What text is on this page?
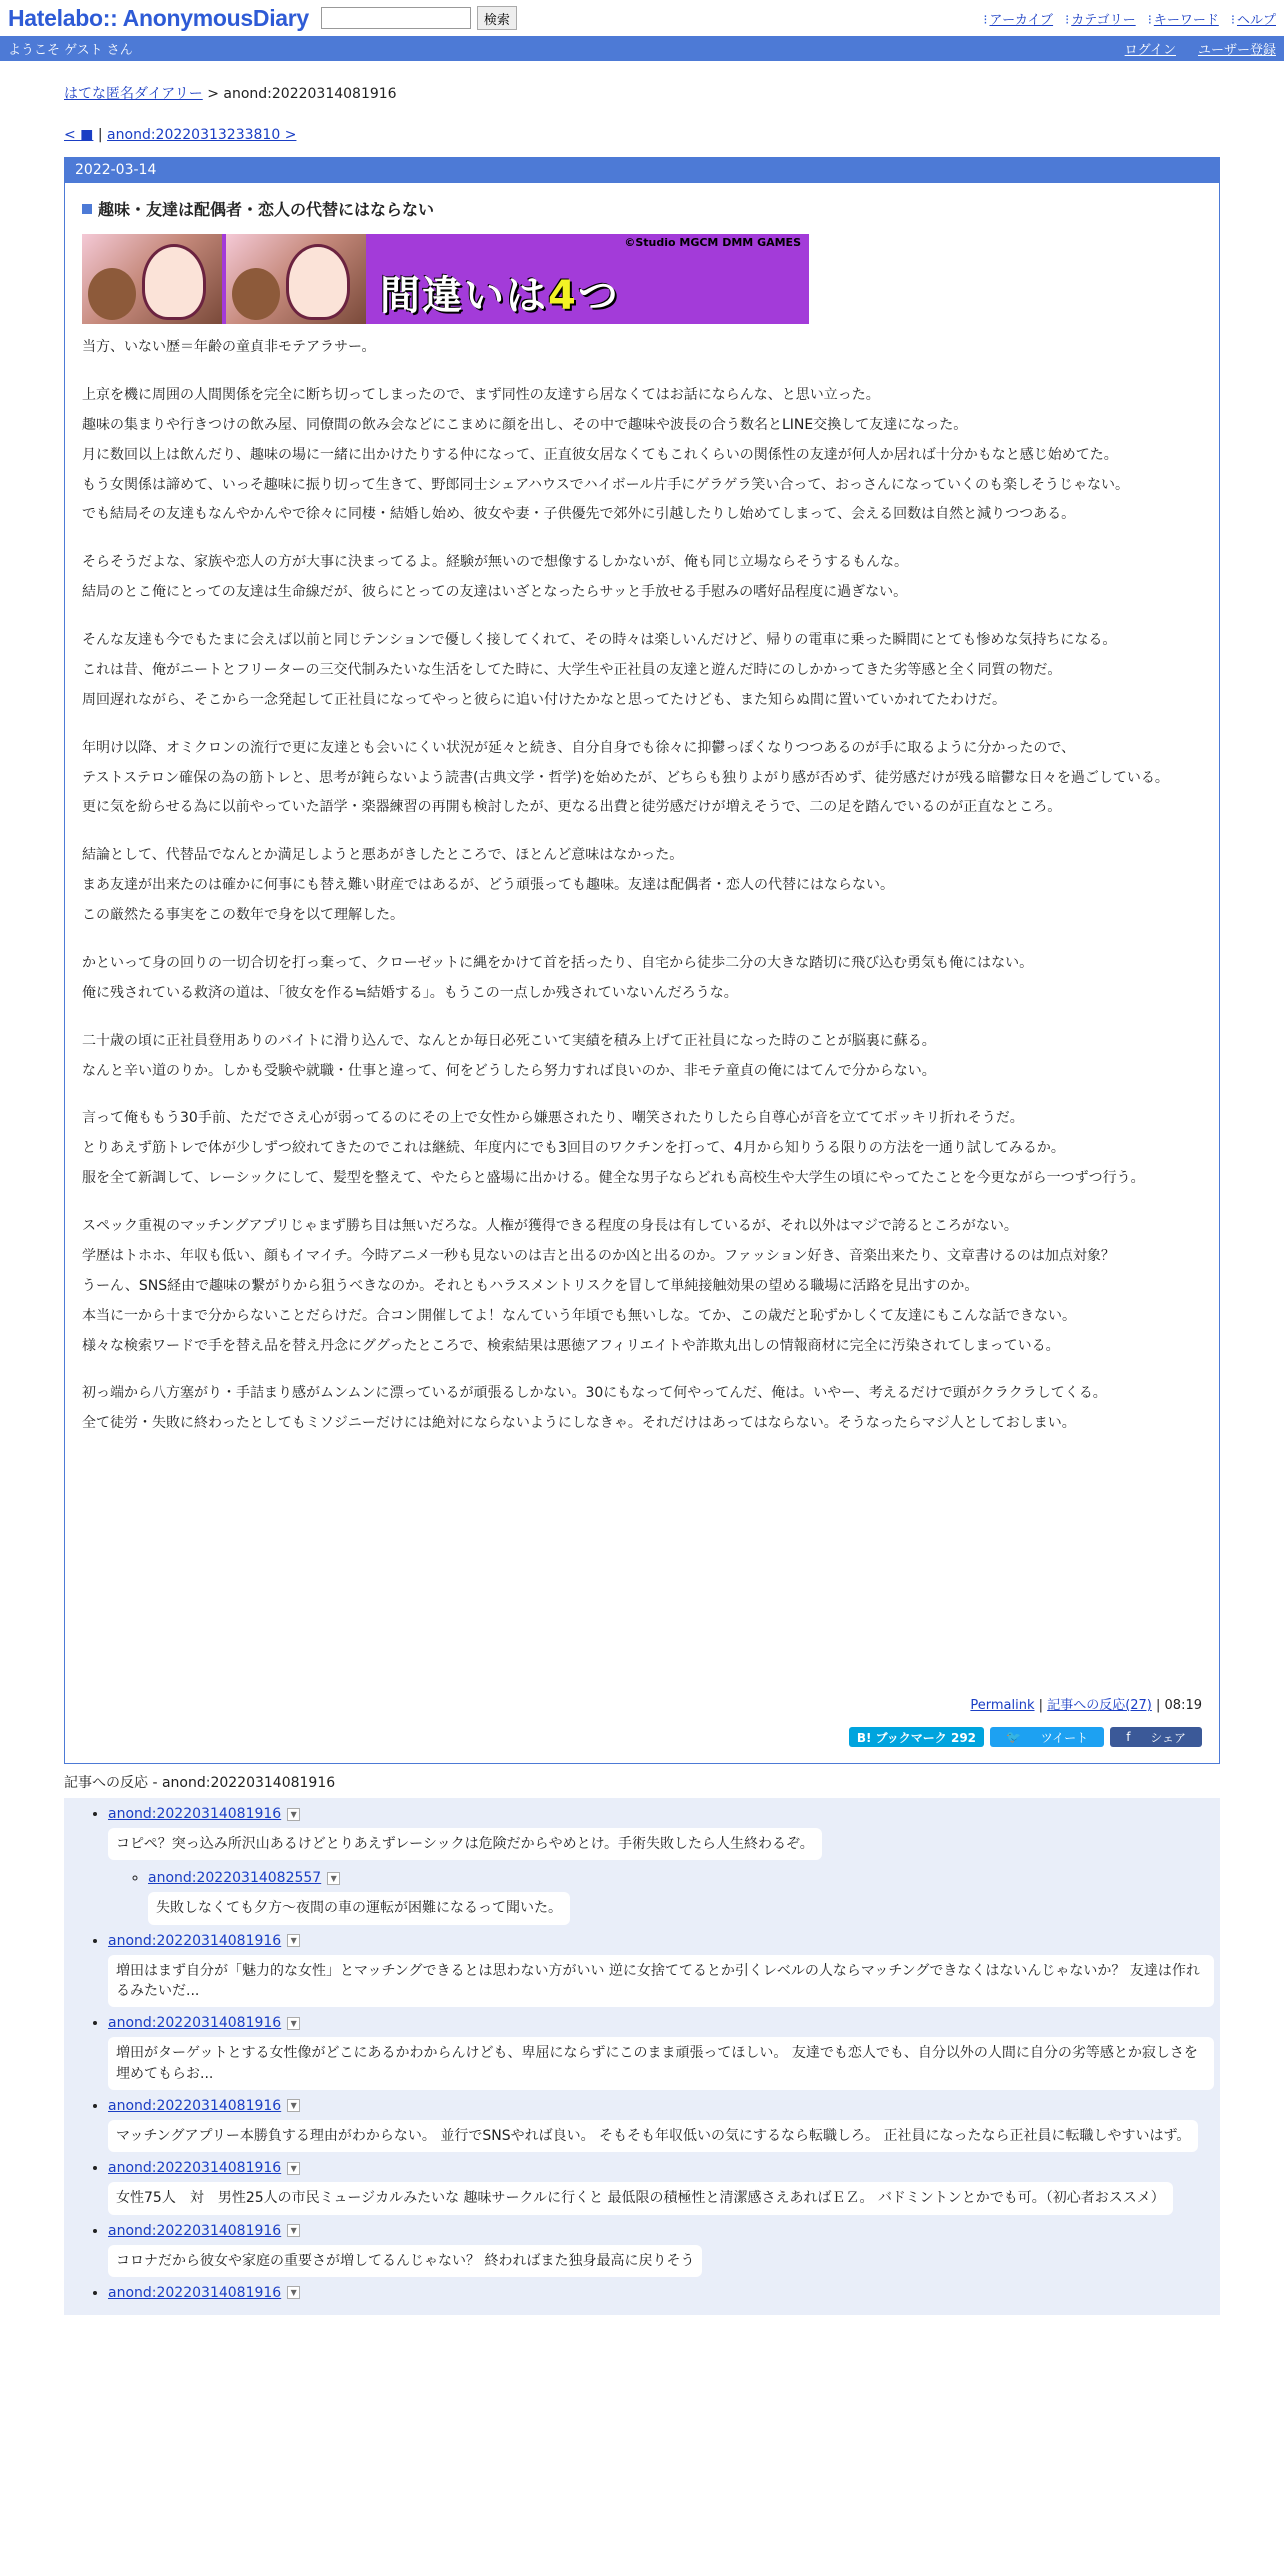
Hatelabo:: AnonymousDiary	検索	⁝ アーカイブ	⁝ カテゴリー	⁝ キーワード	⁝ ヘルプ
ようこそ ゲスト さん	ログイン ユーザー登録
はてな匿名ダイアリー > anond:20220314081916
< ■ | anond:20220313233810 >
2022-03-14
趣味・友達は配偶者・恋人の代替にはならない
©Studio MGCM DMM GAMES
間違いは4つ

当方、いない歴＝年齢の童貞非モテアラサー。

上京を機に周囲の人間関係を完全に断ち切ってしまったので、まず同性の友達すら居なくてはお話にならんな、と思い立った。

趣味の集まりや行きつけの飲み屋、同僚間の飲み会などにこまめに顔を出し、その中で趣味や波長の合う数名とLINE交換して友達になった。

月に数回以上は飲んだり、趣味の場に一緒に出かけたりする仲になって、正直彼女居なくてもこれくらいの関係性の友達が何人か居れば十分かもなと感じ始めてた。

もう女関係は諦めて、いっそ趣味に振り切って生きて、野郎同士シェアハウスでハイボール片手にゲラゲラ笑い合って、おっさんになっていくのも楽しそうじゃない。

でも結局その友達もなんやかんやで徐々に同棲・結婚し始め、彼女や妻・子供優先で郊外に引越したりし始めてしまって、会える回数は自然と減りつつある。

そらそうだよな、家族や恋人の方が大事に決まってるよ。経験が無いので想像するしかないが、俺も同じ立場ならそうするもんな。

結局のとこ俺にとっての友達は生命線だが、彼らにとっての友達はいざとなったらサッと手放せる手慰みの嗜好品程度に過ぎない。

そんな友達も今でもたまに会えば以前と同じテンションで優しく接してくれて、その時々は楽しいんだけど、帰りの電車に乗った瞬間にとても惨めな気持ちになる。

これは昔、俺がニートとフリーターの三交代制みたいな生活をしてた時に、大学生や正社員の友達と遊んだ時にのしかかってきた劣等感と全く同質の物だ。

周回遅れながら、そこから一念発起して正社員になってやっと彼らに追い付けたかなと思ってたけども、また知らぬ間に置いていかれてたわけだ。

年明け以降、オミクロンの流行で更に友達とも会いにくい状況が延々と続き、自分自身でも徐々に抑鬱っぽくなりつつあるのが手に取るように分かったので、

テストステロン確保の為の筋トレと、思考が鈍らないよう読書(古典文学・哲学)を始めたが、どちらも独りよがり感が否めず、徒労感だけが残る暗鬱な日々を過ごしている。

更に気を紛らせる為に以前やっていた語学・楽器練習の再開も検討したが、更なる出費と徒労感だけが増えそうで、二の足を踏んでいるのが正直なところ。

結論として、代替品でなんとか満足しようと悪あがきしたところで、ほとんど意味はなかった。

まあ友達が出来たのは確かに何事にも替え難い財産ではあるが、どう頑張っても趣味。友達は配偶者・恋人の代替にはならない。

この厳然たる事実をこの数年で身を以て理解した。

かといって身の回りの一切合切を打っ棄って、クローゼットに縄をかけて首を括ったり、自宅から徒歩二分の大きな踏切に飛び込む勇気も俺にはない。

俺に残されている救済の道は、「彼女を作る≒結婚する」。もうこの一点しか残されていないんだろうな。

二十歳の頃に正社員登用ありのバイトに滑り込んで、なんとか毎日必死こいて実績を積み上げて正社員になった時のことが脳裏に蘇る。

なんと辛い道のりか。しかも受験や就職・仕事と違って、何をどうしたら努力すれば良いのか、非モテ童貞の俺にはてんで分からない。

言って俺ももう30手前、ただでさえ心が弱ってるのにその上で女性から嫌悪されたり、嘲笑されたりしたら自尊心が音を立ててボッキリ折れそうだ。

とりあえず筋トレで体が少しずつ絞れてきたのでこれは継続、年度内にでも3回目のワクチンを打って、4月から知りうる限りの方法を一通り試してみるか。

服を全て新調して、レーシックにして、髪型を整えて、やたらと盛場に出かける。健全な男子ならどれも高校生や大学生の頃にやってたことを今更ながら一つずつ行う。

スペック重視のマッチングアプリじゃまず勝ち目は無いだろな。人権が獲得できる程度の身長は有しているが、それ以外はマジで誇るところがない。

学歴はトホホ、年収も低い、顔もイマイチ。今時アニメ一秒も見ないのは吉と出るのか凶と出るのか。ファッション好き、音楽出来たり、文章書けるのは加点対象？

うーん、SNS経由で趣味の繋がりから狙うべきなのか。それともハラスメントリスクを冒して単純接触効果の望める職場に活路を見出すのか。

本当に一から十まで分からないことだらけだ。合コン開催してよ！なんていう年頃でも無いしな。てか、この歳だと恥ずかしくて友達にもこんな話できない。

様々な検索ワードで手を替え品を替え丹念にググったところで、検索結果は悪徳アフィリエイトや詐欺丸出しの情報商材に完全に汚染されてしまっている。

初っ端から八方塞がり・手詰まり感がムンムンに漂っているが頑張るしかない。30にもなって何やってんだ、俺は。いやー、考えるだけで頭がクラクラしてくる。

全て徒労・失敗に終わったとしてもミソジニーだけには絶対にならないようにしなきゃ。それだけはあってはならない。そうなったらマジ人としておしまい。

Permalink | 記事への反応(27) | 08:19
B! ブックマーク 292	🐦	ツイート	f	シェア
記事への反応 - anond:20220314081916
• anond:20220314081916	▼
コピペ？突っ込み所沢山あるけどとりあえずレーシックは危険だからやめとけ。手術失敗したら人生終わるぞ。
◦ anond:20220314082557	▼
失敗しなくても夕方〜夜間の車の運転が困難になるって聞いた。
• anond:20220314081916	▼
増田はまず自分が「魅力的な女性」とマッチングできるとは思わない方がいい 逆に女捨ててるとか引くレベルの人ならマッチングできなくはないんじゃないか？ 友達は作れるみたいだ...
• anond:20220314081916	▼
増田がターゲットとする女性像がどこにあるかわからんけども、卑屈にならずにこのまま頑張ってほしい。 友達でも恋人でも、自分以外の人間に自分の劣等感とか寂しさを埋めてもらお...
• anond:20220314081916	▼
マッチングアプリー本勝負する理由がわからない。 並行でSNSやれば良い。 そもそも年収低いの気にするなら転職しろ。 正社員になったなら正社員に転職しやすいはず。
• anond:20220314081916	▼
女性75人　対　男性25人の市民ミュージカルみたいな 趣味サークルに行くと 最低限の積極性と清潔感さえあればＥＺ。 バドミントンとかでも可。（初心者おススメ）
• anond:20220314081916	▼
コロナだから彼女や家庭の重要さが増してるんじゃない？ 終わればまた独身最高に戻りそう
• anond:20220314081916	▼
